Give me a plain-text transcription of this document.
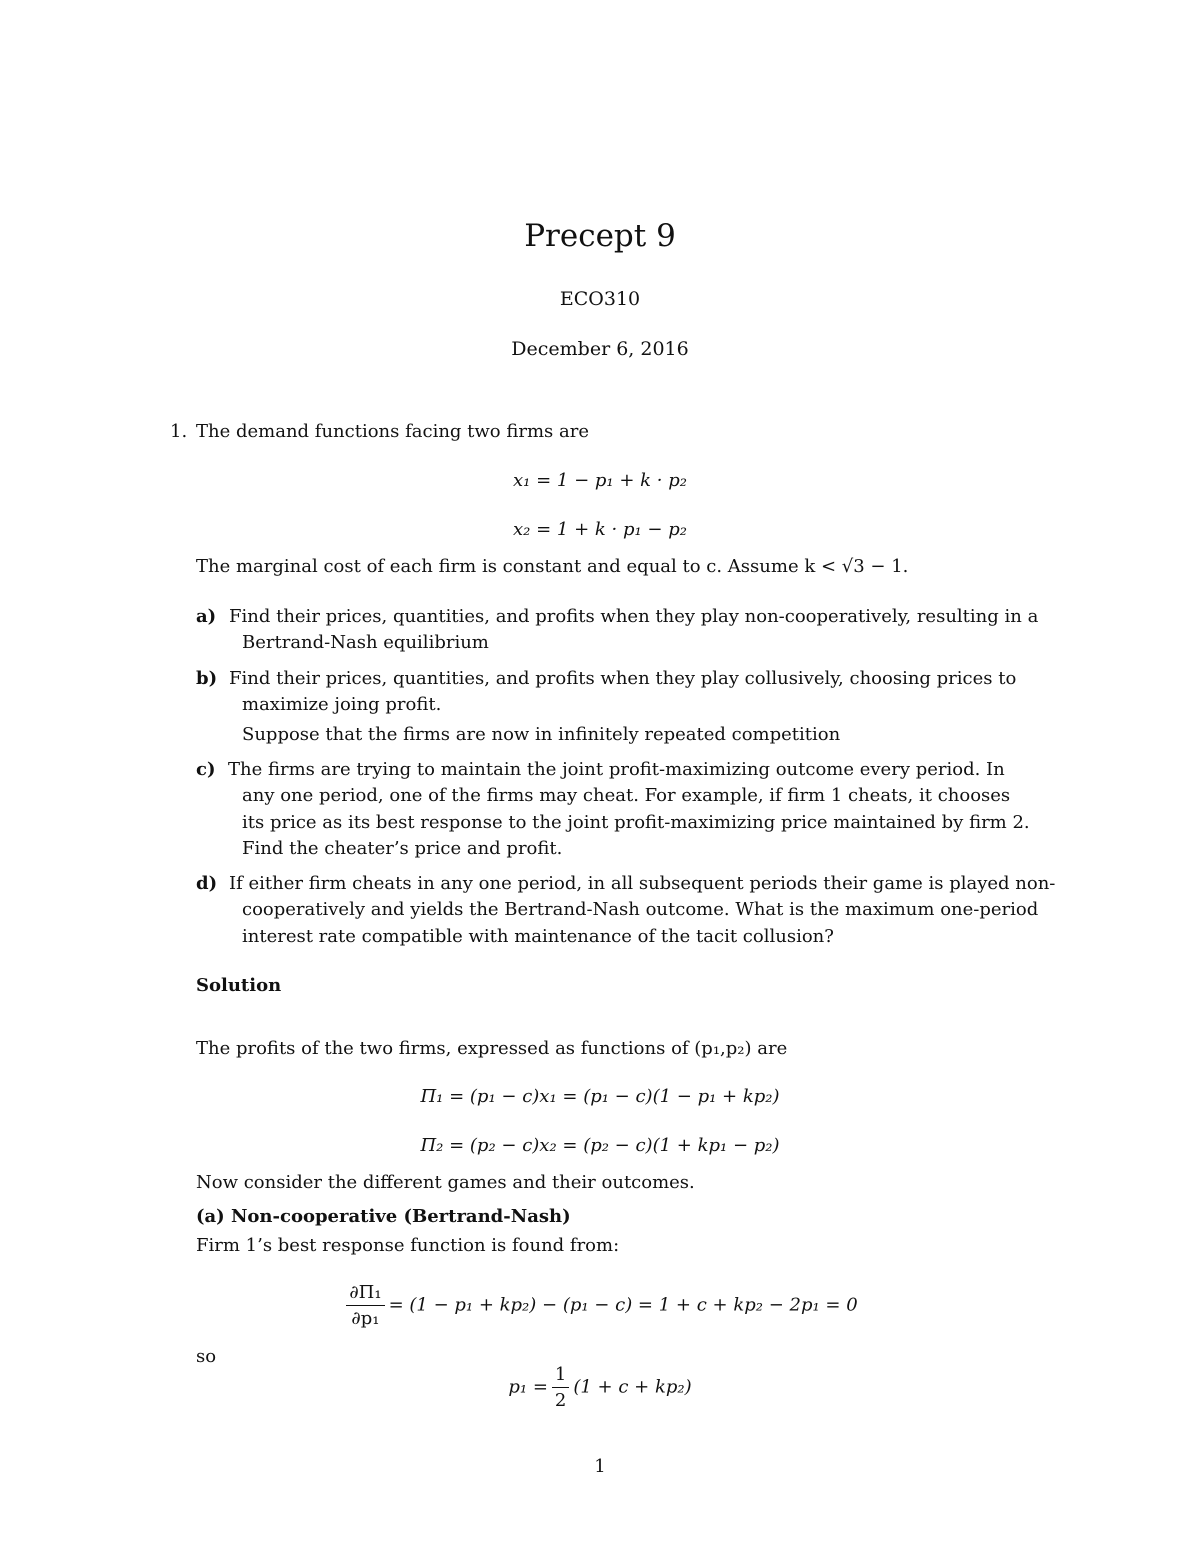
Precept 9
ECO310
December 6, 2016
1. The demand functions facing two firms are
x₁ = 1 − p₁ + k · p₂
x₂ = 1 + k · p₁ − p₂
The marginal cost of each firm is constant and equal to c. Assume k < √3 − 1.
a) Find their prices, quantities, and profits when they play non-cooperatively, resulting in a
Bertrand-Nash equilibrium
b) Find their prices, quantities, and profits when they play collusively, choosing prices to
maximize joing profit.
Suppose that the firms are now in infinitely repeated competition
c) The firms are trying to maintain the joint profit-maximizing outcome every period. In
any one period, one of the firms may cheat. For example, if firm 1 cheats, it chooses
its price as its best response to the joint profit-maximizing price maintained by firm 2.
Find the cheater’s price and profit.
d) If either firm cheats in any one period, in all subsequent periods their game is played non-
cooperatively and yields the Bertrand-Nash outcome. What is the maximum one-period
interest rate compatible with maintenance of the tacit collusion?
Solution
The profits of the two firms, expressed as functions of (p₁,p₂) are
Π₁ = (p₁ − c)x₁ = (p₁ − c)(1 − p₁ + kp₂)
Π₂ = (p₂ − c)x₂ = (p₂ − c)(1 + kp₁ − p₂)
Now consider the different games and their outcomes.
(a) Non-cooperative (Bertrand-Nash)
Firm 1’s best response function is found from:
$\frac{\text{∂Π₁}}{\text{∂p₁}} = (1 - p_1 + kp_2) - (p_1 - c) = 1 + c + kp_2 - 2p_1 = 0$
so
$p_1 = \frac{1}{2} (1 + c + kp_2)$
1
